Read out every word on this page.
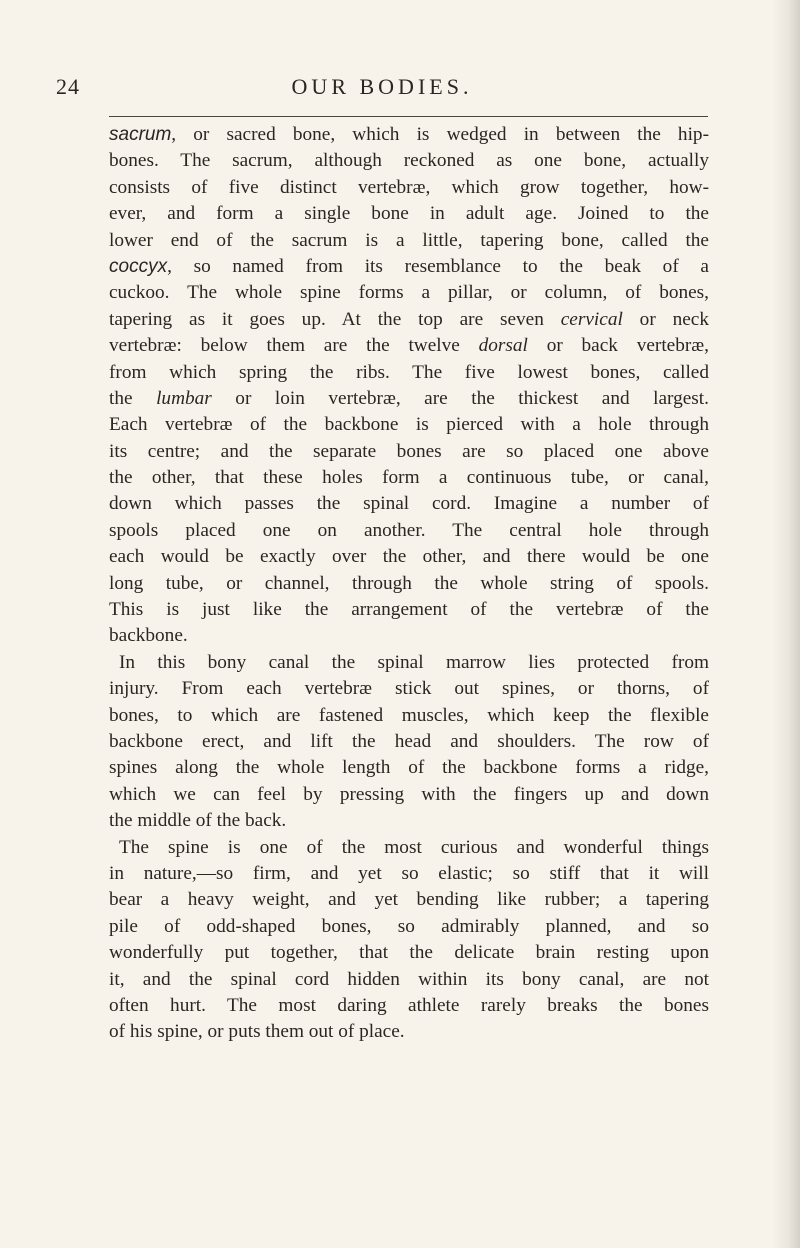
24	OUR BODIES.
sacrum, or sacred bone, which is wedged in between the hip-
bones. The sacrum, although reckoned as one bone, actually
consists of five distinct vertebræ, which grow together, how-
ever, and form a single bone in adult age. Joined to the
lower end of the sacrum is a little, tapering bone, called the
coccyx, so named from its resemblance to the beak of a
cuckoo. The whole spine forms a pillar, or column, of bones,
tapering as it goes up. At the top are seven cervical or neck
vertebræ: below them are the twelve dorsal or back vertebræ,
from which spring the ribs. The five lowest bones, called
the lumbar or loin vertebræ, are the thickest and largest.
Each vertebræ of the backbone is pierced with a hole through
its centre; and the separate bones are so placed one above
the other, that these holes form a continuous tube, or canal,
down which passes the spinal cord. Imagine a number of
spools placed one on another. The central hole through
each would be exactly over the other, and there would be one
long tube, or channel, through the whole string of spools.
This is just like the arrangement of the vertebræ of the
backbone.
In this bony canal the spinal marrow lies protected from
injury. From each vertebræ stick out spines, or thorns, of
bones, to which are fastened muscles, which keep the flexible
backbone erect, and lift the head and shoulders. The row of
spines along the whole length of the backbone forms a ridge,
which we can feel by pressing with the fingers up and down
the middle of the back.
The spine is one of the most curious and wonderful things
in nature,—so firm, and yet so elastic; so stiff that it will
bear a heavy weight, and yet bending like rubber; a tapering
pile of odd-shaped bones, so admirably planned, and so
wonderfully put together, that the delicate brain resting upon
it, and the spinal cord hidden within its bony canal, are not
often hurt. The most daring athlete rarely breaks the bones
of his spine, or puts them out of place.
